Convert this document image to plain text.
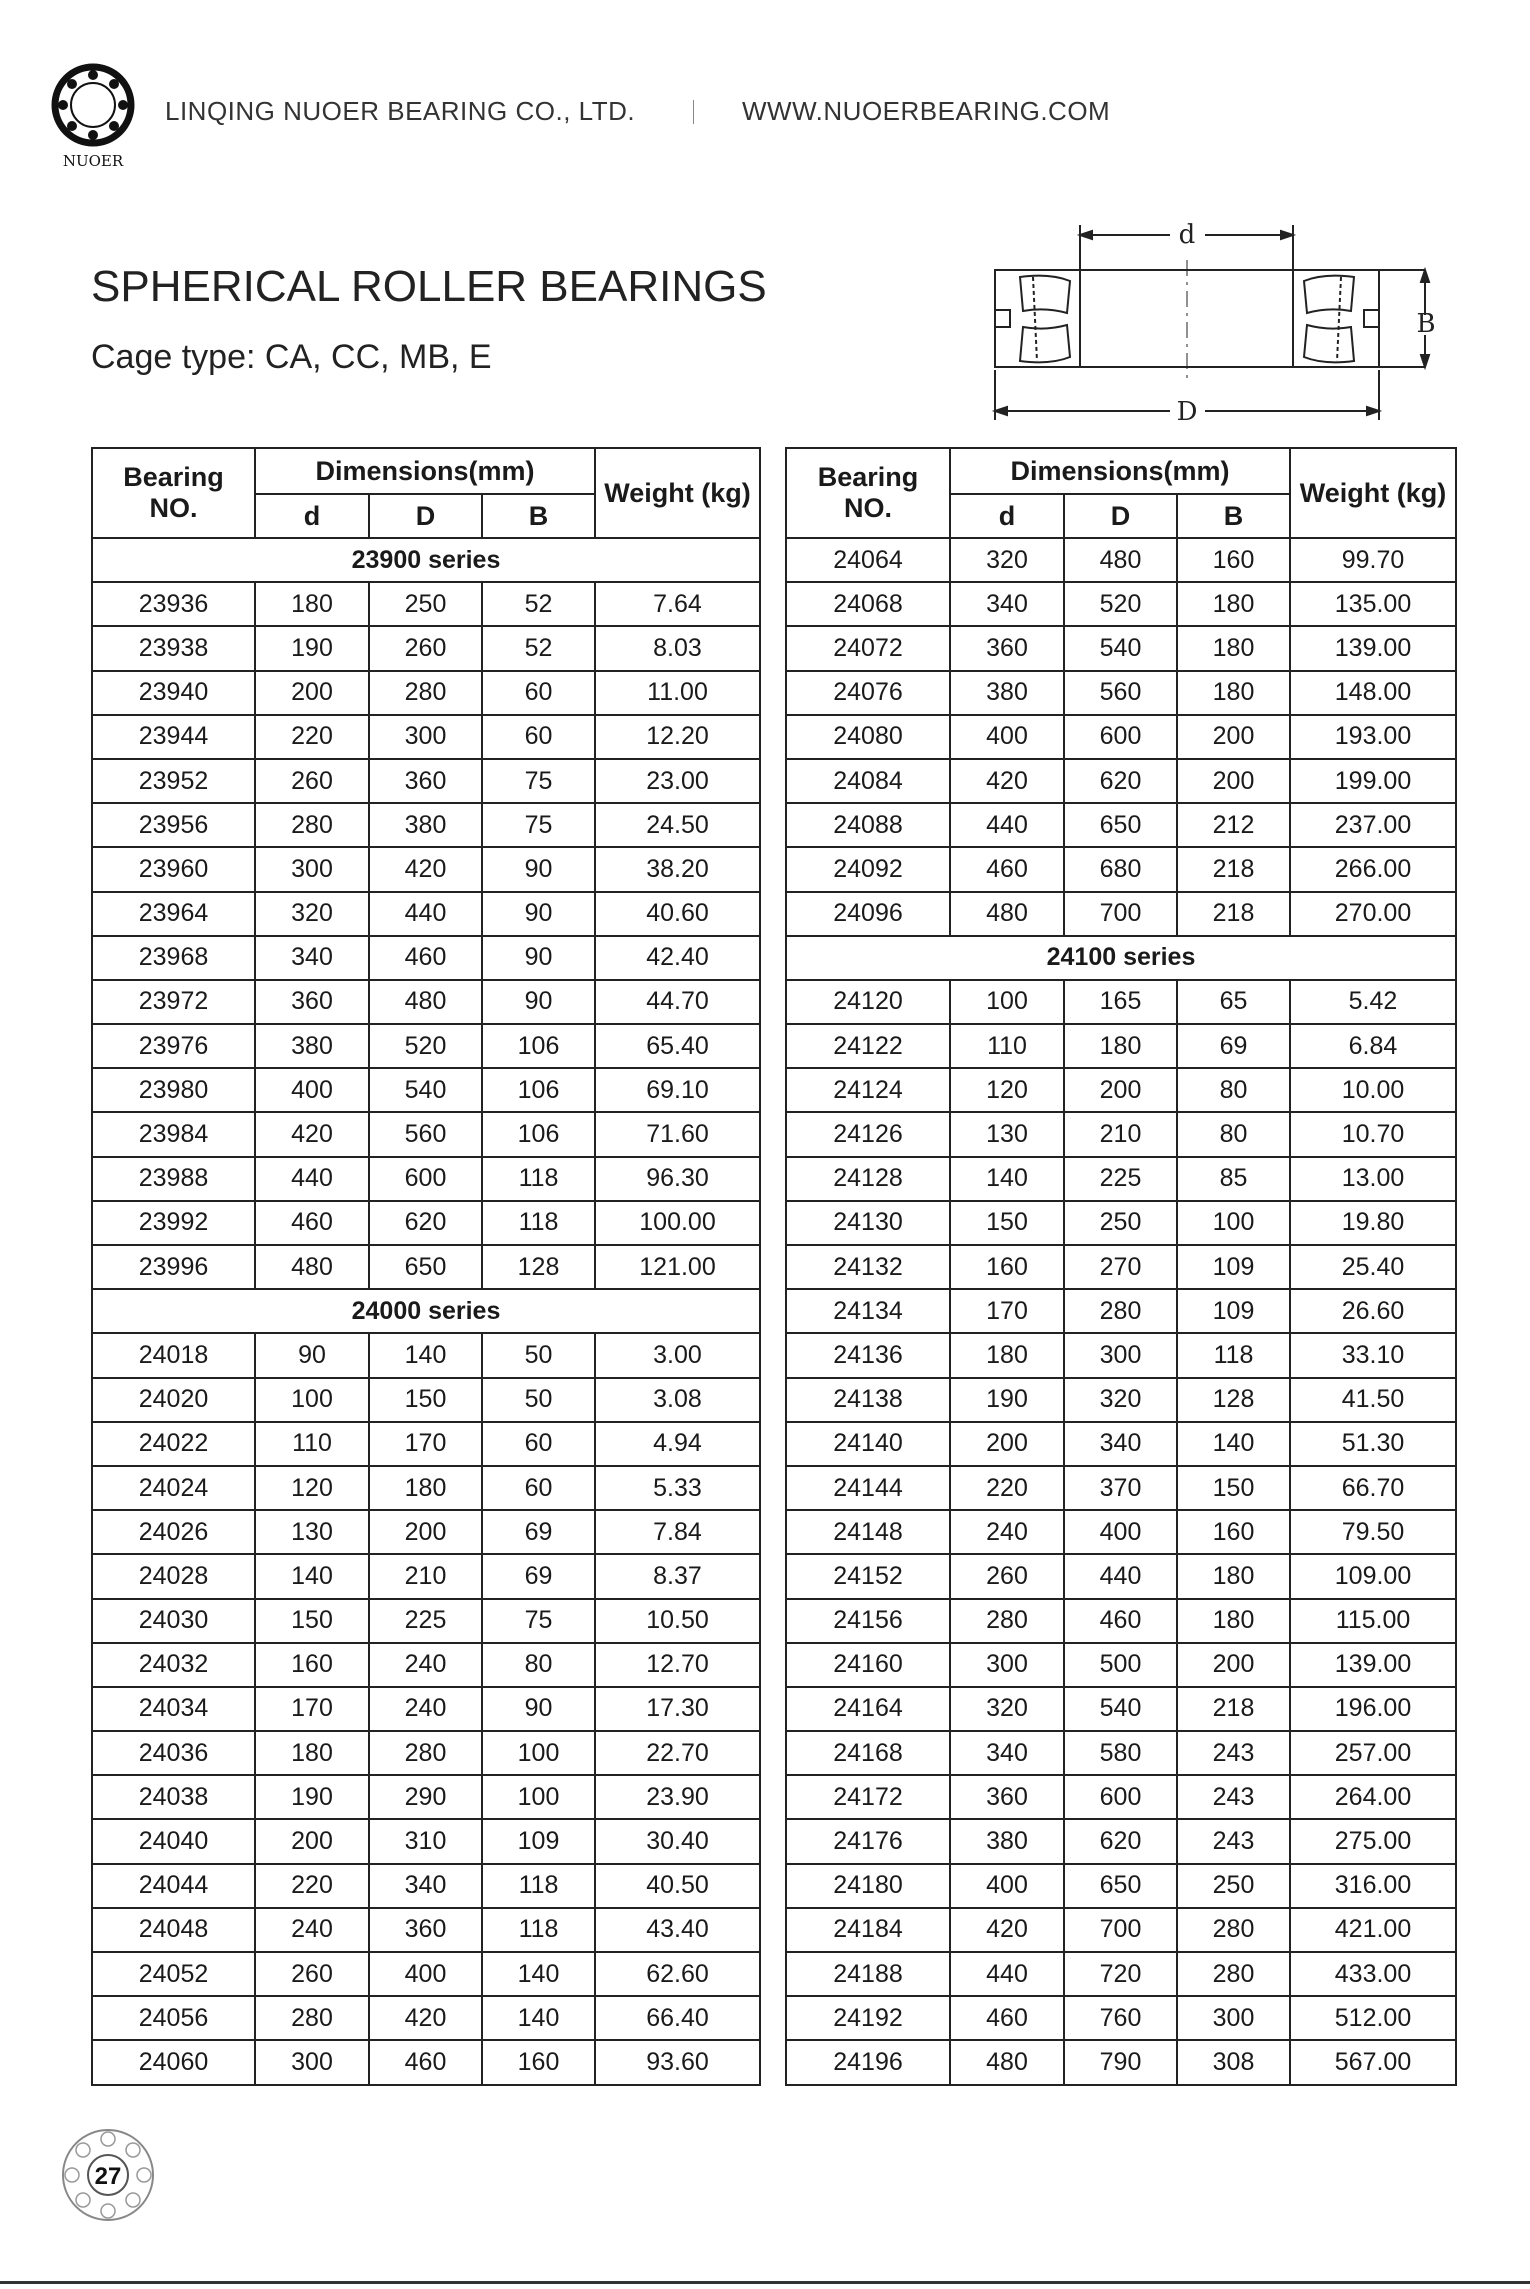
NUOER
LINQING NUOER BEARING CO., LTD.	WWW.NUOERBEARING.COM
SPHERICAL ROLLER BEARINGS
Cage type: CA, CC, MB, E
d
D
B
Bearing
NO.	Dimensions(mm)			Weight (kg)
	d	D	B	
23900 series				
23936	180	250	52	7.64
23938	190	260	52	8.03
23940	200	280	60	11.00
23944	220	300	60	12.20
23952	260	360	75	23.00
23956	280	380	75	24.50
23960	300	420	90	38.20
23964	320	440	90	40.60
23968	340	460	90	42.40
23972	360	480	90	44.70
23976	380	520	106	65.40
23980	400	540	106	69.10
23984	420	560	106	71.60
23988	440	600	118	96.30
23992	460	620	118	100.00
23996	480	650	128	121.00
24000 series				
24018	90	140	50	3.00
24020	100	150	50	3.08
24022	110	170	60	4.94
24024	120	180	60	5.33
24026	130	200	69	7.84
24028	140	210	69	8.37
24030	150	225	75	10.50
24032	160	240	80	12.70
24034	170	240	90	17.30
24036	180	280	100	22.70
24038	190	290	100	23.90
24040	200	310	109	30.40
24044	220	340	118	40.50
24048	240	360	118	43.40
24052	260	400	140	62.60
24056	280	420	140	66.40
24060	300	460	160	93.60
Bearing
NO.	Dimensions(mm)			Weight (kg)
	d	D	B	
24064	320	480	160	99.70
24068	340	520	180	135.00
24072	360	540	180	139.00
24076	380	560	180	148.00
24080	400	600	200	193.00
24084	420	620	200	199.00
24088	440	650	212	237.00
24092	460	680	218	266.00
24096	480	700	218	270.00
24100 series				
24120	100	165	65	5.42
24122	110	180	69	6.84
24124	120	200	80	10.00
24126	130	210	80	10.70
24128	140	225	85	13.00
24130	150	250	100	19.80
24132	160	270	109	25.40
24134	170	280	109	26.60
24136	180	300	118	33.10
24138	190	320	128	41.50
24140	200	340	140	51.30
24144	220	370	150	66.70
24148	240	400	160	79.50
24152	260	440	180	109.00
24156	280	460	180	115.00
24160	300	500	200	139.00
24164	320	540	218	196.00
24168	340	580	243	257.00
24172	360	600	243	264.00
24176	380	620	243	275.00
24180	400	650	250	316.00
24184	420	700	280	421.00
24188	440	720	280	433.00
24192	460	760	300	512.00
24196	480	790	308	567.00
27
